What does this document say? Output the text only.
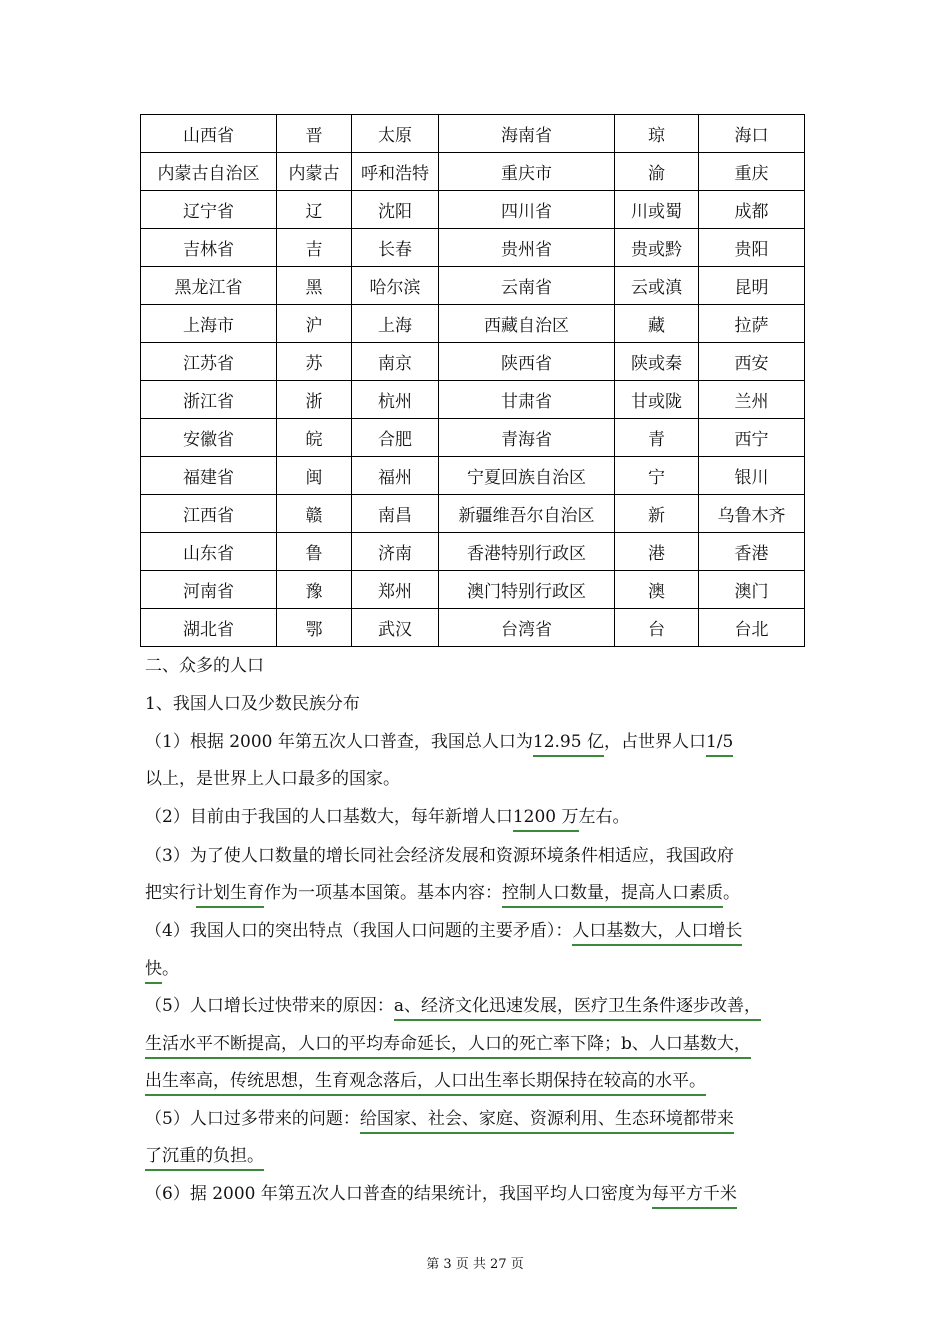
山西省	晋	太原	海南省	琼	海口
内蒙古自治区	内蒙古	呼和浩特	重庆市	渝	重庆
辽宁省	辽	沈阳	四川省	川或蜀	成都
吉林省	吉	长春	贵州省	贵或黔	贵阳
黑龙江省	黑	哈尔滨	云南省	云或滇	昆明
上海市	沪	上海	西藏自治区	藏	拉萨
江苏省	苏	南京	陕西省	陕或秦	西安
浙江省	浙	杭州	甘肃省	甘或陇	兰州
安徽省	皖	合肥	青海省	青	西宁
福建省	闽	福州	宁夏回族自治区	宁	银川
江西省	赣	南昌	新疆维吾尔自治区	新	乌鲁木齐
山东省	鲁	济南	香港特别行政区	港	香港
河南省	豫	郑州	澳门特别行政区	澳	澳门
湖北省	鄂	武汉	台湾省	台	台北
二、众多的人口
1、我国人口及少数民族分布
（1）根据 2000 年第五次人口普查，我国总人口为12.95 亿，占世界人口1/5
以上，是世界上人口最多的国家。
（2）目前由于我国的人口基数大，每年新增人口1200 万左右。
（3）为了使人口数量的增长同社会经济发展和资源环境条件相适应，我国政府
把实行计划生育作为一项基本国策。基本内容：控制人口数量，提高人口素质。
（4）我国人口的突出特点（我国人口问题的主要矛盾）：人口基数大，人口增长
快。
（5）人口增长过快带来的原因：a、经济文化迅速发展，医疗卫生条件逐步改善，
生活水平不断提高，人口的平均寿命延长，人口的死亡率下降；b、人口基数大，
出生率高，传统思想，生育观念落后，人口出生率长期保持在较高的水平。
（5）人口过多带来的问题：给国家、社会、家庭、资源利用、生态环境都带来
了沉重的负担。
（6）据 2000 年第五次人口普查的结果统计，我国平均人口密度为每平方千米
第 3 页 共 27 页
